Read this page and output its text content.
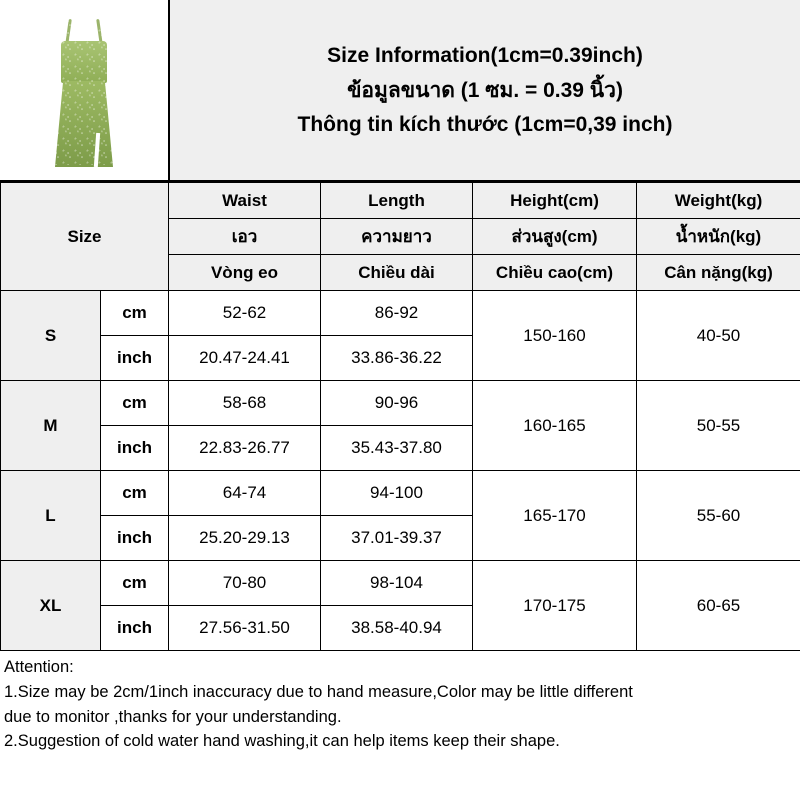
Size Information(1cm=0.39inch)
ข้อมูลขนาด (1 ซม. = 0.39 นิ้ว)
Thông tin kích thước (1cm=0,39 inch)
Size		Waist	Length	Height(cm)	Weight(kg)
		เอว	ความยาว	ส่วนสูง(cm)	น้ำหนัก(kg)
		Vòng eo	Chiều dài	Chiều cao(cm)	Cân nặng(kg)
S	cm	52-62	86-92	150-160	40-50
	inch	20.47-24.41	33.86-36.22		
M	cm	58-68	90-96	160-165	50-55
	inch	22.83-26.77	35.43-37.80		
L	cm	64-74	94-100	165-170	55-60
	inch	25.20-29.13	37.01-39.37		
XL	cm	70-80	98-104	170-175	60-65
	inch	27.56-31.50	38.58-40.94		
Attention:
1.Size may be 2cm/1inch inaccuracy due to hand measure,Color may be little different
due to monitor ,thanks for your understanding.
2.Suggestion of cold water hand washing,it can help items keep their shape.
